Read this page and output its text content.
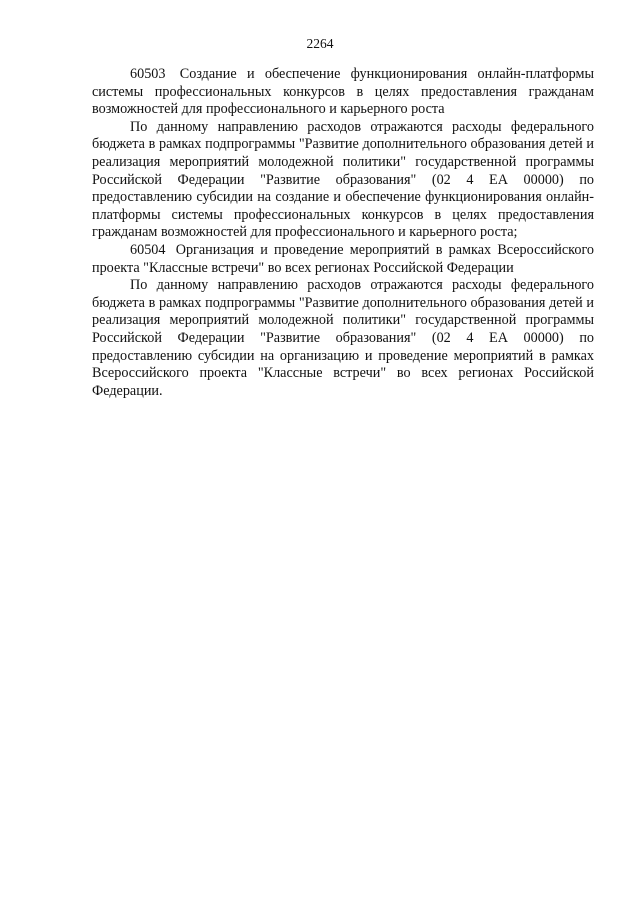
2264

60503 Создание и обеспечение функционирования онлайн-платформы системы профессиональных конкурсов в целях предоставления гражданам возможностей для профессионального и карьерного роста

По данному направлению расходов отражаются расходы федерального бюджета в рамках подпрограммы "Развитие дополнительного образования детей и реализация мероприятий молодежной политики" государственной программы Российской Федерации "Развитие образования" (02 4 ЕА 00000) по предоставлению субсидии на создание и обеспечение функционирования онлайн-платформы системы профессиональных конкурсов в целях предоставления гражданам возможностей для профессионального и карьерного роста;

60504 Организация и проведение мероприятий в рамках Всероссийского проекта "Классные встречи" во всех регионах Российской Федерации

По данному направлению расходов отражаются расходы федерального бюджета в рамках подпрограммы "Развитие дополнительного образования детей и реализация мероприятий молодежной политики" государственной программы Российской Федерации "Развитие образования" (02 4 ЕА 00000) по предоставлению субсидии на организацию и проведение мероприятий в рамках Всероссийского проекта "Классные встречи" во всех регионах Российской Федерации.
